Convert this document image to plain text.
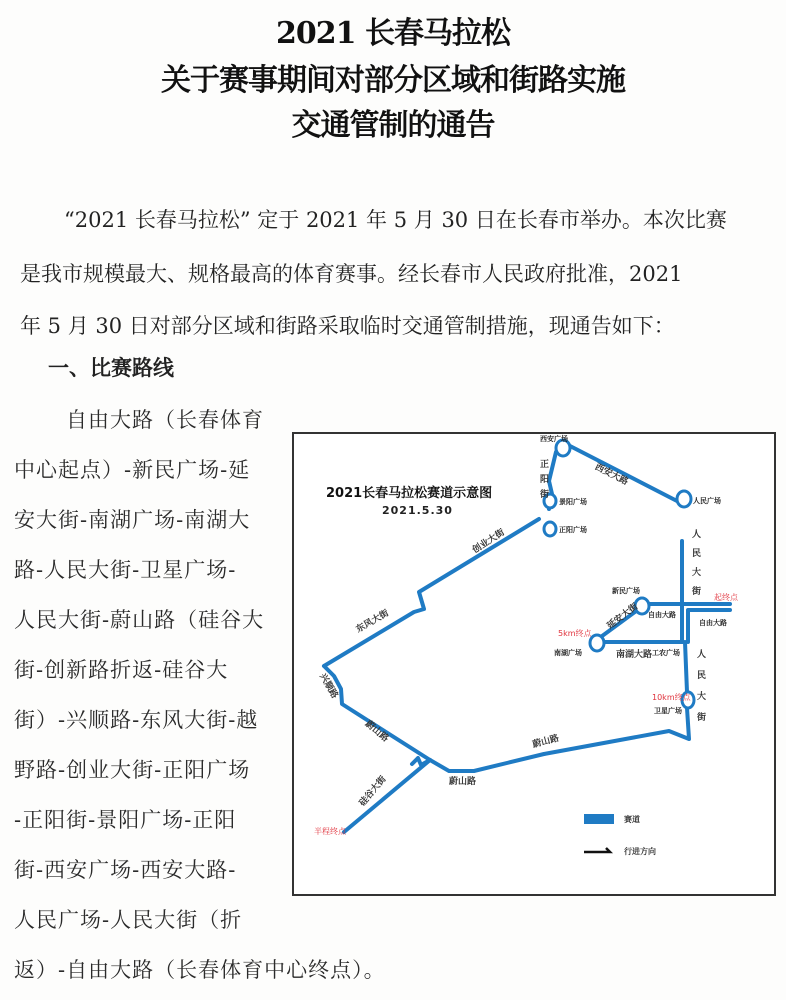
2021 长春马拉松
关于赛事期间对部分区域和街路实施
交通管制的通告
“2021 长春马拉松” 定于 2021 年 5 月 30 日在长春市举办。本次比赛
是我市规模最大、规格最高的体育赛事。经长春市人民政府批准，2021
年 5 月 30 日对部分区域和街路采取临时交通管制措施，现通告如下：
一、比赛路线
自由大路（长春体育
中心起点）-新民广场-延
安大街-南湖广场-南湖大
路-人民大街-卫星广场-
人民大街-蔚山路（硅谷大
街-创新路折返-硅谷大
街）-兴顺路-东风大街-越
野路-创业大街-正阳广场
-正阳街-景阳广场-正阳
街-西安广场-西安大路-
人民广场-人民大街（折
返）-自由大路（长春体育中心终点）。
2021长春马拉松赛道示意图
2021.5.30
西安广场
人民广场
景阳广场
正阳广场
新民广场
南湖广场	工农广场
卫星广场
西安大路
人民大街
人民大街
正阳街
创业大街
东风大街
兴顺路
蔚山路
蔚山路
蔚山路
硅谷大街
延安大街
南湖大路
自由大路
自由大路
起终点
5km终点
10km终点
半程终点
赛道
行进方向
